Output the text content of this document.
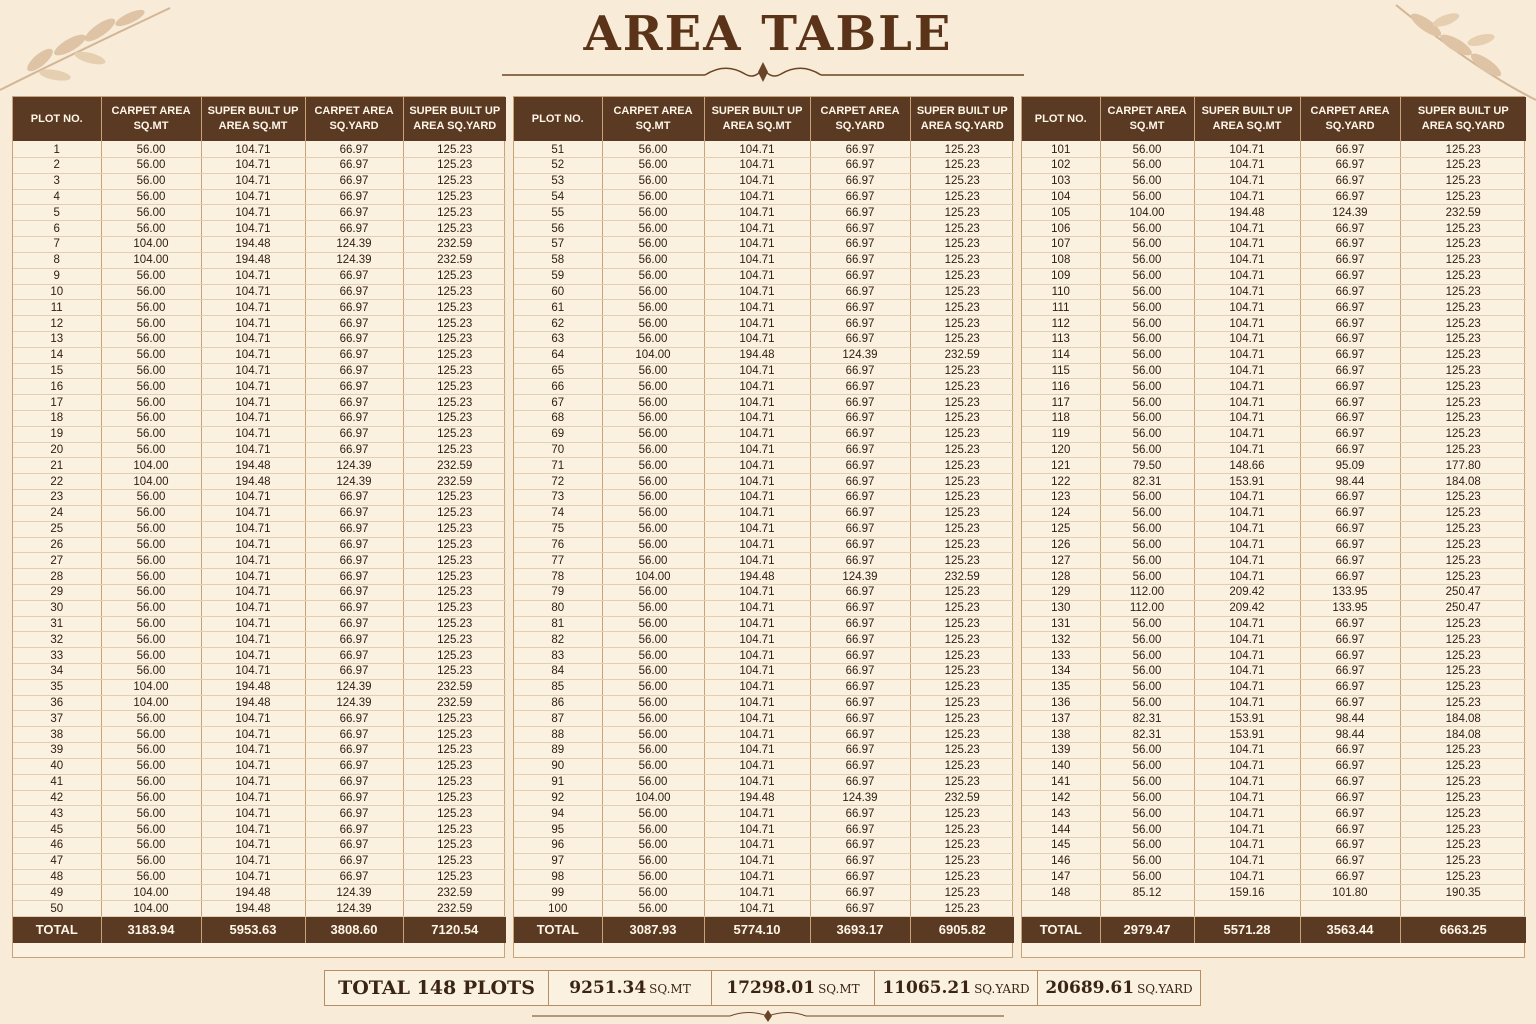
AREA TABLE
PLOT NO.	CARPET AREA SQ.MT	SUPER BUILT UP AREA SQ.MT	CARPET AREA SQ.YARD	SUPER BUILT UP AREA SQ.YARD
1	56.00	104.71	66.97	125.23
2	56.00	104.71	66.97	125.23
3	56.00	104.71	66.97	125.23
4	56.00	104.71	66.97	125.23
5	56.00	104.71	66.97	125.23
6	56.00	104.71	66.97	125.23
7	104.00	194.48	124.39	232.59
8	104.00	194.48	124.39	232.59
9	56.00	104.71	66.97	125.23
10	56.00	104.71	66.97	125.23
11	56.00	104.71	66.97	125.23
12	56.00	104.71	66.97	125.23
13	56.00	104.71	66.97	125.23
14	56.00	104.71	66.97	125.23
15	56.00	104.71	66.97	125.23
16	56.00	104.71	66.97	125.23
17	56.00	104.71	66.97	125.23
18	56.00	104.71	66.97	125.23
19	56.00	104.71	66.97	125.23
20	56.00	104.71	66.97	125.23
21	104.00	194.48	124.39	232.59
22	104.00	194.48	124.39	232.59
23	56.00	104.71	66.97	125.23
24	56.00	104.71	66.97	125.23
25	56.00	104.71	66.97	125.23
26	56.00	104.71	66.97	125.23
27	56.00	104.71	66.97	125.23
28	56.00	104.71	66.97	125.23
29	56.00	104.71	66.97	125.23
30	56.00	104.71	66.97	125.23
31	56.00	104.71	66.97	125.23
32	56.00	104.71	66.97	125.23
33	56.00	104.71	66.97	125.23
34	56.00	104.71	66.97	125.23
35	104.00	194.48	124.39	232.59
36	104.00	194.48	124.39	232.59
37	56.00	104.71	66.97	125.23
38	56.00	104.71	66.97	125.23
39	56.00	104.71	66.97	125.23
40	56.00	104.71	66.97	125.23
41	56.00	104.71	66.97	125.23
42	56.00	104.71	66.97	125.23
43	56.00	104.71	66.97	125.23
45	56.00	104.71	66.97	125.23
46	56.00	104.71	66.97	125.23
47	56.00	104.71	66.97	125.23
48	56.00	104.71	66.97	125.23
49	104.00	194.48	124.39	232.59
50	104.00	194.48	124.39	232.59
TOTAL	3183.94	5953.63	3808.60	7120.54
PLOT NO.	CARPET AREA SQ.MT	SUPER BUILT UP AREA SQ.MT	CARPET AREA SQ.YARD	SUPER BUILT UP AREA SQ.YARD
51	56.00	104.71	66.97	125.23
52	56.00	104.71	66.97	125.23
53	56.00	104.71	66.97	125.23
54	56.00	104.71	66.97	125.23
55	56.00	104.71	66.97	125.23
56	56.00	104.71	66.97	125.23
57	56.00	104.71	66.97	125.23
58	56.00	104.71	66.97	125.23
59	56.00	104.71	66.97	125.23
60	56.00	104.71	66.97	125.23
61	56.00	104.71	66.97	125.23
62	56.00	104.71	66.97	125.23
63	56.00	104.71	66.97	125.23
64	104.00	194.48	124.39	232.59
65	56.00	104.71	66.97	125.23
66	56.00	104.71	66.97	125.23
67	56.00	104.71	66.97	125.23
68	56.00	104.71	66.97	125.23
69	56.00	104.71	66.97	125.23
70	56.00	104.71	66.97	125.23
71	56.00	104.71	66.97	125.23
72	56.00	104.71	66.97	125.23
73	56.00	104.71	66.97	125.23
74	56.00	104.71	66.97	125.23
75	56.00	104.71	66.97	125.23
76	56.00	104.71	66.97	125.23
77	56.00	104.71	66.97	125.23
78	104.00	194.48	124.39	232.59
79	56.00	104.71	66.97	125.23
80	56.00	104.71	66.97	125.23
81	56.00	104.71	66.97	125.23
82	56.00	104.71	66.97	125.23
83	56.00	104.71	66.97	125.23
84	56.00	104.71	66.97	125.23
85	56.00	104.71	66.97	125.23
86	56.00	104.71	66.97	125.23
87	56.00	104.71	66.97	125.23
88	56.00	104.71	66.97	125.23
89	56.00	104.71	66.97	125.23
90	56.00	104.71	66.97	125.23
91	56.00	104.71	66.97	125.23
92	104.00	194.48	124.39	232.59
94	56.00	104.71	66.97	125.23
95	56.00	104.71	66.97	125.23
96	56.00	104.71	66.97	125.23
97	56.00	104.71	66.97	125.23
98	56.00	104.71	66.97	125.23
99	56.00	104.71	66.97	125.23
100	56.00	104.71	66.97	125.23
TOTAL	3087.93	5774.10	3693.17	6905.82
PLOT NO.	CARPET AREA SQ.MT	SUPER BUILT UP AREA SQ.MT	CARPET AREA SQ.YARD	SUPER BUILT UP AREA SQ.YARD
101	56.00	104.71	66.97	125.23
102	56.00	104.71	66.97	125.23
103	56.00	104.71	66.97	125.23
104	56.00	104.71	66.97	125.23
105	104.00	194.48	124.39	232.59
106	56.00	104.71	66.97	125.23
107	56.00	104.71	66.97	125.23
108	56.00	104.71	66.97	125.23
109	56.00	104.71	66.97	125.23
110	56.00	104.71	66.97	125.23
111	56.00	104.71	66.97	125.23
112	56.00	104.71	66.97	125.23
113	56.00	104.71	66.97	125.23
114	56.00	104.71	66.97	125.23
115	56.00	104.71	66.97	125.23
116	56.00	104.71	66.97	125.23
117	56.00	104.71	66.97	125.23
118	56.00	104.71	66.97	125.23
119	56.00	104.71	66.97	125.23
120	56.00	104.71	66.97	125.23
121	79.50	148.66	95.09	177.80
122	82.31	153.91	98.44	184.08
123	56.00	104.71	66.97	125.23
124	56.00	104.71	66.97	125.23
125	56.00	104.71	66.97	125.23
126	56.00	104.71	66.97	125.23
127	56.00	104.71	66.97	125.23
128	56.00	104.71	66.97	125.23
129	112.00	209.42	133.95	250.47
130	112.00	209.42	133.95	250.47
131	56.00	104.71	66.97	125.23
132	56.00	104.71	66.97	125.23
133	56.00	104.71	66.97	125.23
134	56.00	104.71	66.97	125.23
135	56.00	104.71	66.97	125.23
136	56.00	104.71	66.97	125.23
137	82.31	153.91	98.44	184.08
138	82.31	153.91	98.44	184.08
139	56.00	104.71	66.97	125.23
140	56.00	104.71	66.97	125.23
141	56.00	104.71	66.97	125.23
142	56.00	104.71	66.97	125.23
143	56.00	104.71	66.97	125.23
144	56.00	104.71	66.97	125.23
145	56.00	104.71	66.97	125.23
146	56.00	104.71	66.97	125.23
147	56.00	104.71	66.97	125.23
148	85.12	159.16	101.80	190.35

TOTAL	2979.47	5571.28	3563.44	6663.25
TOTAL 148 PLOTS	9251.34 SQ.MT	17298.01 SQ.MT	11065.21 SQ.YARD 20689.61 SQ.YARD
